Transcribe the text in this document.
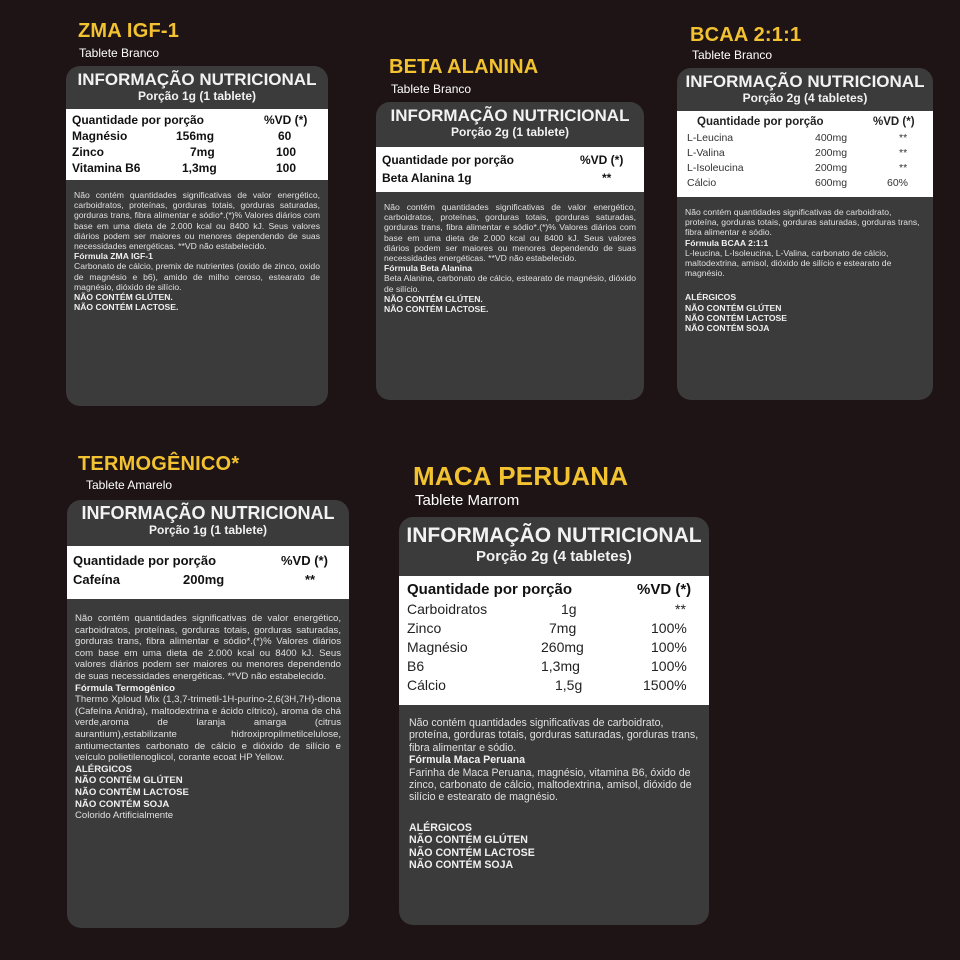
ZMA IGF-1
Tablete Branco
INFORMAÇÃO NUTRICIONAL
Porção 1g (1 tablete)
Quantidade por porção	%VD (*)
Magnésio	156mg	60
Zinco	7mg	100
Vitamina B6	1,3mg	100
Não contém quantidades significativas de valor energético, carboidratos, proteínas, gorduras totais, gorduras saturadas, gorduras trans, fibra alimentar e sódio*.(*)% Valores diários com base em uma dieta de 2.000 kcal ou 8400 kJ. Seus valores diários podem ser maiores ou menores dependendo de suas necessidades energéticas. **VD não estabelecido.
Fórmula ZMA IGF-1
Carbonato de cálcio, premix de nutrientes (oxido de zinco, oxido de magnésio e b6), amido de milho ceroso, estearato de magnésio, dióxido de silício.
NÃO CONTÉM GLÚTEN.
NÃO CONTÉM LACTOSE.
BETA ALANINA
Tablete Branco
INFORMAÇÃO NUTRICIONAL
Porção 2g (1 tablete)
Quantidade por porção	%VD (*)
Beta Alanina 1g	**
Não contém quantidades significativas de valor energético, carboidratos, proteínas, gorduras totais, gorduras saturadas, gorduras trans, fibra alimentar e sódio*.(*)% Valores diários com base em uma dieta de 2.000 kcal ou 8400 kJ. Seus valores diários podem ser maiores ou menores dependendo de suas necessidades energéticas. **VD não estabelecido.
Fórmula Beta Alanina
Beta Alanina, carbonato de cálcio, estearato de magnésio, dióxido de silício.
NÃO CONTÉM GLÚTEN.
NÃO CONTÉM LACTOSE.
BCAA 2:1:1
Tablete Branco
INFORMAÇÃO NUTRICIONAL
Porção 2g (4 tabletes)
Quantidade por porção	%VD (*)
L-Leucina	400mg	**
L-Valina	200mg	**
L-Isoleucina	200mg	**
Cálcio	600mg	60%
Não contém quantidades significativas de carboidrato, proteína, gorduras totais, gorduras saturadas, gorduras trans, fibra alimentar e sódio.
Fórmula BCAA 2:1:1
L-leucina, L-Isoleucina, L-Valina, carbonato de cálcio, maltodextrina, amisol, dióxido de silício e estearato de magnésio.
ALÉRGICOS
NÃO CONTÉM GLÚTEN
NÃO CONTÉM LACTOSE
NÃO CONTÉM SOJA
TERMOGÊNICO*
Tablete Amarelo
INFORMAÇÃO NUTRICIONAL
Porção 1g (1 tablete)
Quantidade por porção	%VD (*)
Cafeína	200mg	**
Não contém quantidades significativas de valor energético, carboidratos, proteínas, gorduras totais, gorduras saturadas, gorduras trans, fibra alimentar e sódio*.(*)% Valores diários com base em uma dieta de 2.000 kcal ou 8400 kJ. Seus valores diários podem ser maiores ou menores dependendo de suas necessidades energéticas. **VD não estabelecido.
Fórmula Termogênico
Thermo Xploud Mix (1,3,7-trimetil-1H-purino-2,6(3H,7H)-diona (Cafeína Anidra), maltodextrina e ácido cítrico), aroma de chá verde,aroma de laranja amarga (citrus aurantium),estabilizante hidroxipropilmetilcelulose, antiumectantes carbonato de cálcio e dióxido de silício e veículo polietilenoglicol, corante ecoat HP Yellow.
ALÉRGICOS
NÃO CONTÉM GLÚTEN
NÃO CONTÉM LACTOSE
NÃO CONTÉM SOJA
Colorido Artificialmente
MACA PERUANA
Tablete Marrom
INFORMAÇÃO NUTRICIONAL
Porção 2g (4 tabletes)
Quantidade por porção	%VD (*)
Carboidratos	1g	**
Zinco	7mg	100%
Magnésio	260mg	100%
B6	1,3mg	100%
Cálcio	1,5g	1500%
Não contém quantidades significativas de carboidrato, proteína, gorduras totais, gorduras saturadas, gorduras trans, fibra alimentar e sódio.
Fórmula Maca Peruana
Farinha de Maca Peruana, magnésio, vitamina B6, óxido de zinco, carbonato de cálcio, maltodextrina, amisol, dióxido de silício e estearato de magnésio.
ALÉRGICOS
NÃO CONTÉM GLÚTEN
NÃO CONTÉM LACTOSE
NÃO CONTÉM SOJA
